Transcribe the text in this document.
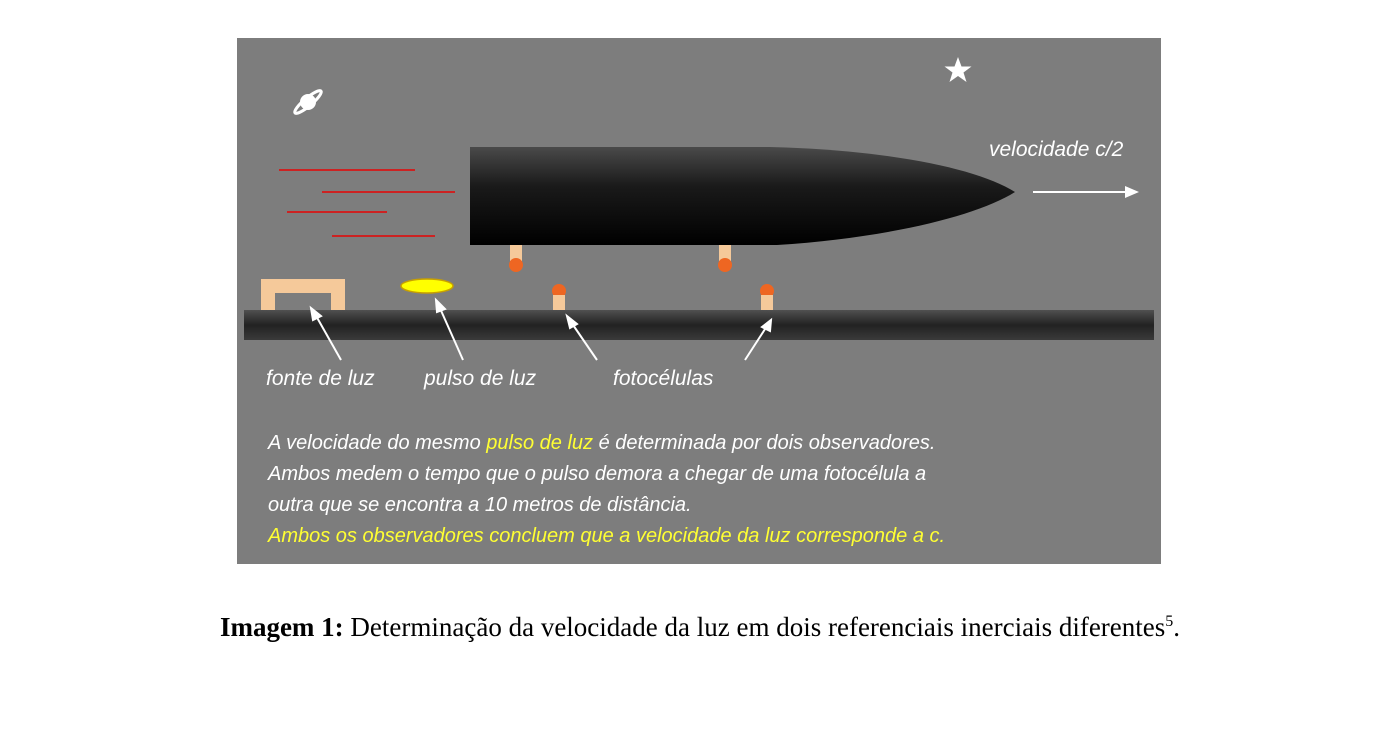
velocidade c/2
fonte de luz pulso de luz	fotocélulas
A velocidade do mesmo pulso de luz é determinada por dois observadores.
Ambos medem o tempo que o pulso demora a chegar de uma fotocélula a
outra que se encontra a 10 metros de distância.
Ambos os observadores concluem que a velocidade da luz corresponde a c.
Imagem 1: Determinação da velocidade da luz em dois referenciais inerciais diferentes$^5$.
